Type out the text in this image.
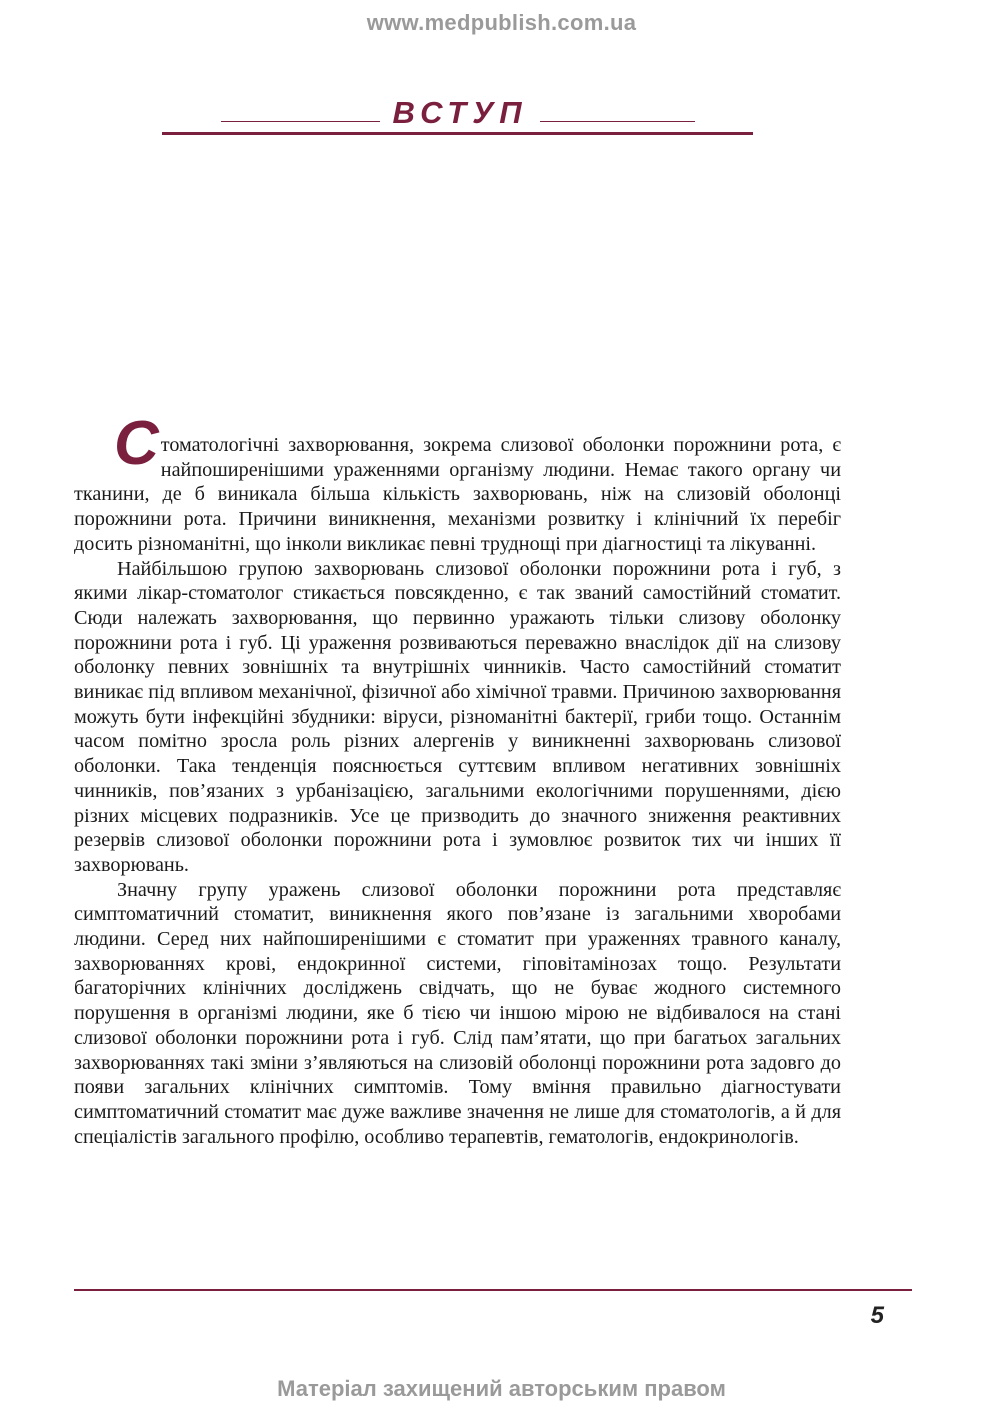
www.medpublish.com.ua
ВСТУП

Стоматологічні захворювання, зокрема слизової оболонки порожнини рота, є найпоширенішими ураженнями організму людини. Немає такого органу чи тканини, де б виникала більша кількість захворювань, ніж на слизовій оболонці порожнини рота. Причини виникнення, механізми розвитку і клінічний їх перебіг досить різноманітні, що інколи викликає певні труднощі при діагностиці та лікуванні.

Найбільшою групою захворювань слизової оболонки порожнини рота і губ, з якими лікар-стоматолог стикається повсякденно, є так званий самостійний стоматит. Сюди належать захворювання, що первинно уражають тільки слизову оболонку порожнини рота і губ. Ці ураження розвиваються переважно внаслідок дії на слизову оболонку певних зовнішніх та внутрішніх чинників. Часто самостійний стоматит виникає під впливом механічної, фізичної або хімічної травми. Причиною захворювання можуть бути інфекційні збудники: віруси, різноманітні бактерії, гриби тощо. Останнім часом помітно зросла роль різних алергенів у виникненні захворювань слизової оболонки. Така тенденція пояснюється суттєвим впливом негативних зовнішніх чинників, пов’язаних з урбанізацією, загальними екологічними порушеннями, дією різних місцевих подразників. Усе це призводить до значного зниження реактивних резервів слизової оболонки порожнини рота і зумовлює розвиток тих чи інших її захворювань.

Значну групу уражень слизової оболонки порожнини рота представляє симптоматичний стоматит, виникнення якого пов’язане із загальними хворобами людини. Серед них найпоширенішими є стоматит при ураженнях травного каналу, захворюваннях крові, ендокринної системи, гіповітамінозах тощо. Результати багаторічних клінічних досліджень свідчать, що не буває жодного системного порушення в організмі людини, яке б тією чи іншою мірою не відбивалося на стані слизової оболонки порожнини рота і губ. Слід пам’ятати, що при багатьох загальних захворюваннях такі зміни з’являються на слизовій оболонці порожнини рота задовго до появи загальних клінічних симптомів. Тому вміння правильно діагностувати симптоматичний стоматит має дуже важливе значення не лише для стоматологів, а й для спеціалістів загального профілю, особливо терапевтів, гематологів, ендокринологів.

5
Матеріал захищений авторським правом
